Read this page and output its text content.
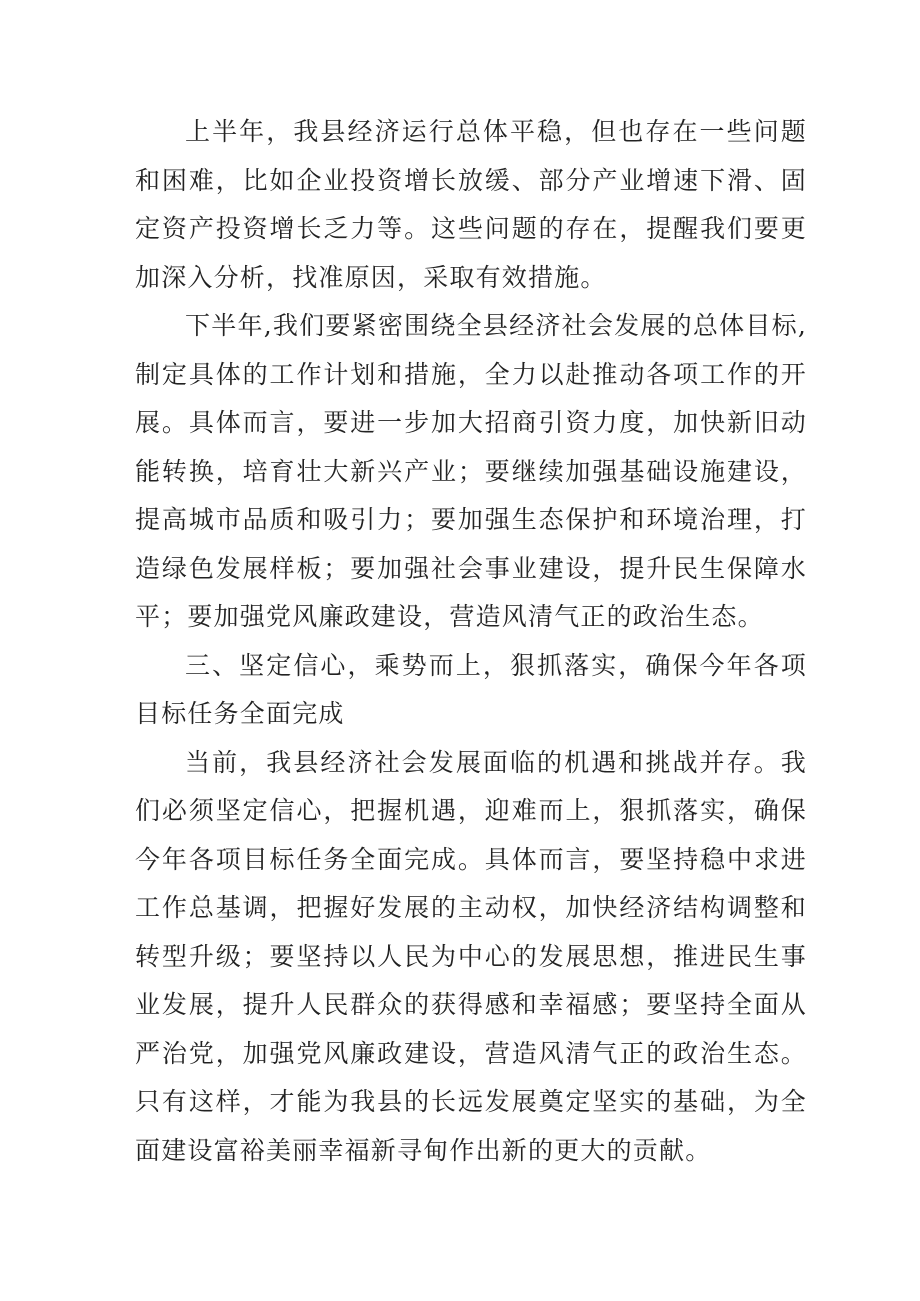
上半年，我县经济运行总体平稳，但也存在一些问题和困难，比如企业投资增长放缓、部分产业增速下滑、固定资产投资增长乏力等。这些问题的存在，提醒我们要更加深入分析，找准原因，采取有效措施。

下半年,我们要紧密围绕全县经济社会发展的总体目标,制定具体的工作计划和措施，全力以赴推动各项工作的开展。具体而言，要进一步加大招商引资力度，加快新旧动能转换，培育壮大新兴产业；要继续加强基础设施建设，提高城市品质和吸引力；要加强生态保护和环境治理，打造绿色发展样板；要加强社会事业建设，提升民生保障水平；要加强党风廉政建设，营造风清气正的政治生态。

三、坚定信心，乘势而上，狠抓落实，确保今年各项目标任务全面完成

当前，我县经济社会发展面临的机遇和挑战并存。我们必须坚定信心，把握机遇，迎难而上，狠抓落实，确保今年各项目标任务全面完成。具体而言，要坚持稳中求进工作总基调，把握好发展的主动权，加快经济结构调整和转型升级；要坚持以人民为中心的发展思想，推进民生事业发展，提升人民群众的获得感和幸福感；要坚持全面从严治党，加强党风廉政建设，营造风清气正的政治生态。只有这样，才能为我县的长远发展奠定坚实的基础，为全面建设富裕美丽幸福新寻甸作出新的更大的贡献。
